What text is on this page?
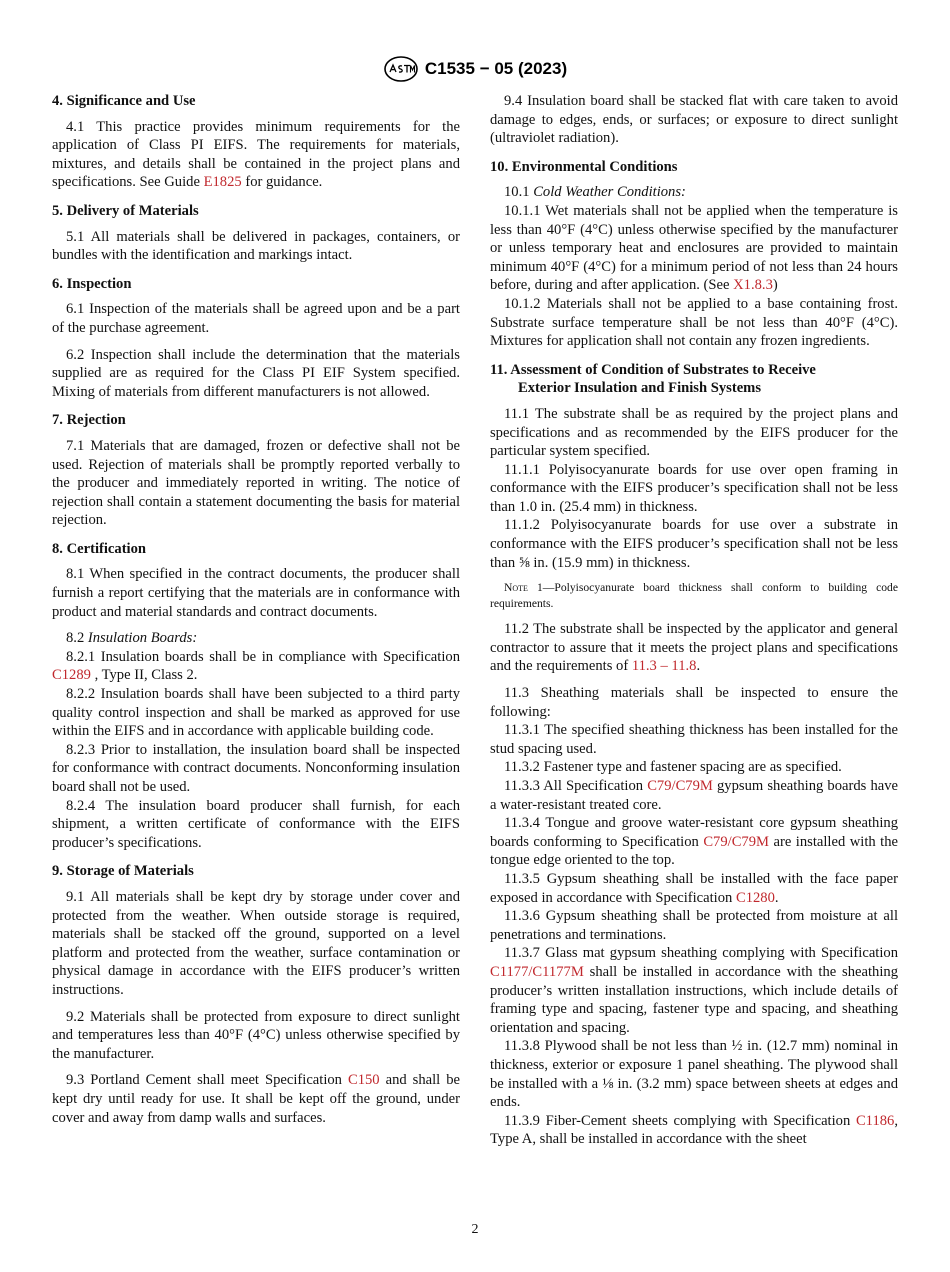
C1535 − 05 (2023)
4. Significance and Use

4.1 This practice provides minimum requirements for the application of Class PI EIFS. The requirements for materials, mixtures, and details shall be contained in the project plans and specifications. See Guide E1825 for guidance.

5. Delivery of Materials

5.1 All materials shall be delivered in packages, containers, or bundles with the identification and markings intact.

6. Inspection

6.1 Inspection of the materials shall be agreed upon and be a part of the purchase agreement.

6.2 Inspection shall include the determination that the materials supplied are as required for the Class PI EIF System specified. Mixing of materials from different manufacturers is not allowed.

7. Rejection

7.1 Materials that are damaged, frozen or defective shall not be used. Rejection of materials shall be promptly reported verbally to the producer and immediately reported in writing. The notice of rejection shall contain a statement documenting the basis for material rejection.

8. Certification

8.1 When specified in the contract documents, the producer shall furnish a report certifying that the materials are in conformance with product and material standards and contract documents.

8.2 Insulation Boards:

8.2.1 Insulation boards shall be in compliance with Specification C1289 , Type II, Class 2.

8.2.2 Insulation boards shall have been subjected to a third party quality control inspection and shall be marked as approved for use within the EIFS and in accordance with applicable building code.

8.2.3 Prior to installation, the insulation board shall be inspected for conformance with contract documents. Nonconforming insulation board shall not be used.

8.2.4 The insulation board producer shall furnish, for each shipment, a written certificate of conformance with the EIFS producer’s specifications.

9. Storage of Materials

9.1 All materials shall be kept dry by storage under cover and protected from the weather. When outside storage is required, materials shall be stacked off the ground, supported on a level platform and protected from the weather, surface contamination or physical damage in accordance with the EIFS producer’s written instructions.

9.2 Materials shall be protected from exposure to direct sunlight and temperatures less than 40°F (4°C) unless otherwise specified by the manufacturer.

9.3 Portland Cement shall meet Specification C150 and shall be kept dry until ready for use. It shall be kept off the ground, under cover and away from damp walls and surfaces.

9.4 Insulation board shall be stacked flat with care taken to avoid damage to edges, ends, or surfaces; or exposure to direct sunlight (ultraviolet radiation).

10. Environmental Conditions

10.1 Cold Weather Conditions:

10.1.1 Wet materials shall not be applied when the temperature is less than 40°F (4°C) unless otherwise specified by the manufacturer or unless temporary heat and enclosures are provided to maintain minimum 40°F (4°C) for a minimum period of not less than 24 hours before, during and after application. (See X1.8.3)

10.1.2 Materials shall not be applied to a base containing frost. Substrate surface temperature shall be not less than 40°F (4°C). Mixtures for application shall not contain any frozen ingredients.

11. Assessment of Condition of Substrates to Receive
Exterior Insulation and Finish Systems

11.1 The substrate shall be as required by the project plans and specifications and as recommended by the EIFS producer for the particular system specified.

11.1.1 Polyisocyanurate boards for use over open framing in conformance with the EIFS producer’s specification shall not be less than 1.0 in. (25.4 mm) in thickness.

11.1.2 Polyisocyanurate boards for use over a substrate in conformance with the EIFS producer’s specification shall not be less than ⅝ in. (15.9 mm) in thickness.

Note 1—Polyisocyanurate board thickness shall conform to building code requirements.

11.2 The substrate shall be inspected by the applicator and general contractor to assure that it meets the project plans and specifications and the requirements of 11.3 – 11.8.

11.3 Sheathing materials shall be inspected to ensure the following:

11.3.1 The specified sheathing thickness has been installed for the stud spacing used.

11.3.2 Fastener type and fastener spacing are as specified.

11.3.3 All Specification C79/C79M gypsum sheathing boards have a water-resistant treated core.

11.3.4 Tongue and groove water-resistant core gypsum sheathing boards conforming to Specification C79/C79M are installed with the tongue edge oriented to the top.

11.3.5 Gypsum sheathing shall be installed with the face paper exposed in accordance with Specification C1280.

11.3.6 Gypsum sheathing shall be protected from moisture at all penetrations and terminations.

11.3.7 Glass mat gypsum sheathing complying with Specification C1177/C1177M shall be installed in accordance with the sheathing producer’s written installation instructions, which include details of framing type and spacing, fastener type and spacing, and sheathing orientation and spacing.

11.3.8 Plywood shall be not less than ½ in. (12.7 mm) nominal in thickness, exterior or exposure 1 panel sheathing. The plywood shall be installed with a ⅛ in. (3.2 mm) space between sheets at edges and ends.

11.3.9 Fiber-Cement sheets complying with Specification C1186, Type A, shall be installed in accordance with the sheet

2
